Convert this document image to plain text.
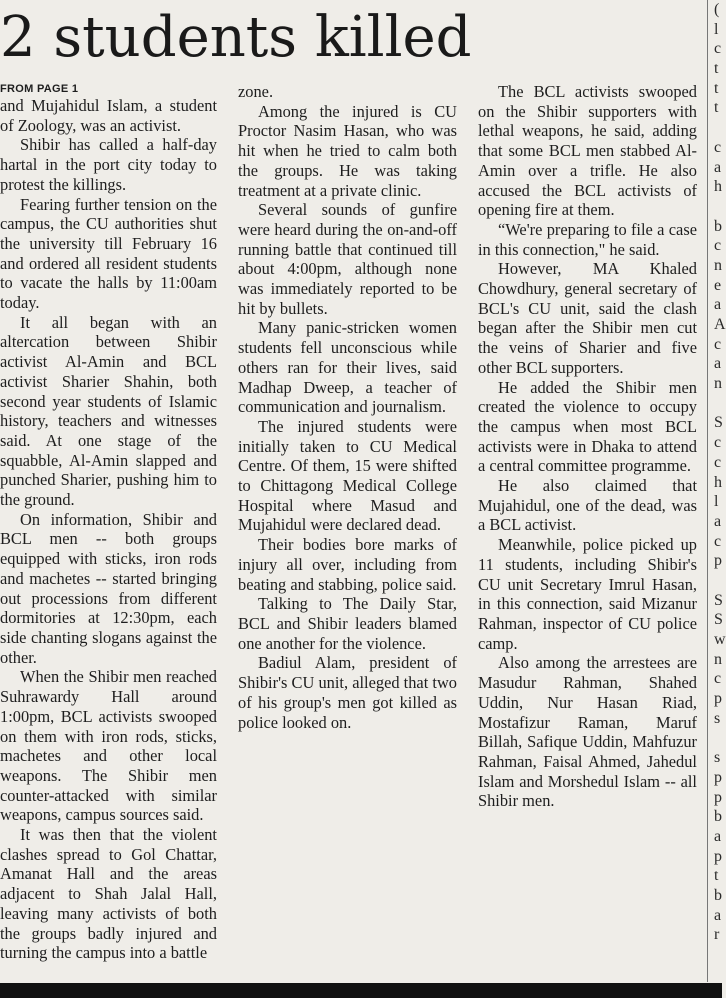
2 students killed
FROM PAGE 1

and Mujahidul Islam, a student of Zoology, was an activist.

Shibir has called a half-day hartal in the port city today to protest the killings.

Fearing further tension on the campus, the CU authorities shut the university till February 16 and ordered all resident students to vacate the halls by 11:00am today.

It all began with an altercation between Shibir activist Al-Amin and BCL activist Sharier Shahin, both second year students of Islamic history, teachers and witnesses said. At one stage of the squabble, Al-Amin slapped and punched Sharier, pushing him to the ground.

On information, Shibir and BCL men -- both groups equipped with sticks, iron rods and machetes -- started bringing out processions from different dormitories at 12:30pm, each side chanting slogans against the other.

When the Shibir men reached Suhrawardy Hall around 1:00pm, BCL activists swooped on them with iron rods, sticks, machetes and other local weapons. The Shibir men counter-attacked with similar weapons, campus sources said.

It was then that the violent clashes spread to Gol Chattar, Amanat Hall and the areas adjacent to Shah Jalal Hall, leaving many activists of both the groups badly injured and turning the campus into a battle

zone.

Among the injured is CU Proctor Nasim Hasan, who was hit when he tried to calm both the groups. He was taking treatment at a private clinic.

Several sounds of gunfire were heard during the on-and-off running battle that continued till about 4:00pm, although none was immediately reported to be hit by bullets.

Many panic-stricken women students fell unconscious while others ran for their lives, said Madhap Dweep, a teacher of communication and journalism.

The injured students were initially taken to CU Medical Centre. Of them, 15 were shifted to Chittagong Medical College Hospital where Masud and Mujahidul were declared dead.

Their bodies bore marks of injury all over, including from beating and stabbing, police said.

Talking to The Daily Star, BCL and Shibir leaders blamed one another for the violence.

Badiul Alam, president of Shibir's CU unit, alleged that two of his group's men got killed as police looked on.

The BCL activists swooped on the Shibir supporters with lethal weapons, he said, adding that some BCL men stabbed Al-Amin over a trifle. He also accused the BCL activists of opening fire at them.

“We're preparing to file a case in this connection," he said.

However, MA Khaled Chowdhury, general secretary of BCL's CU unit, said the clash began after the Shibir men cut the veins of Sharier and five other BCL supporters.

He added the Shibir men created the violence to occupy the campus when most BCL activists were in Dhaka to attend a central committee programme.

He also claimed that Mujahidul, one of the dead, was a BCL activist.

Meanwhile, police picked up 11 students, including Shibir's CU unit Secretary Imrul Hasan, in this connection, said Mizanur Rahman, inspector of CU police camp.

Also among the arrestees are Masudur Rahman, Shahed Uddin, Nur Hasan Riad, Mostafizur Raman, Maruf Billah, Safique Uddin, Mahfuzur Rahman, Faisal Ahmed, Jahedul Islam and Morshedul Islam -- all Shibir men.

(
l
c
t
t
t
c
a
h
b
c
n
e
a
A
c
a
n
S
c
c
h
l
a
c
p
S
S
w
n
c
p
s
s
p
p
b
a
p
t
b
a
r
